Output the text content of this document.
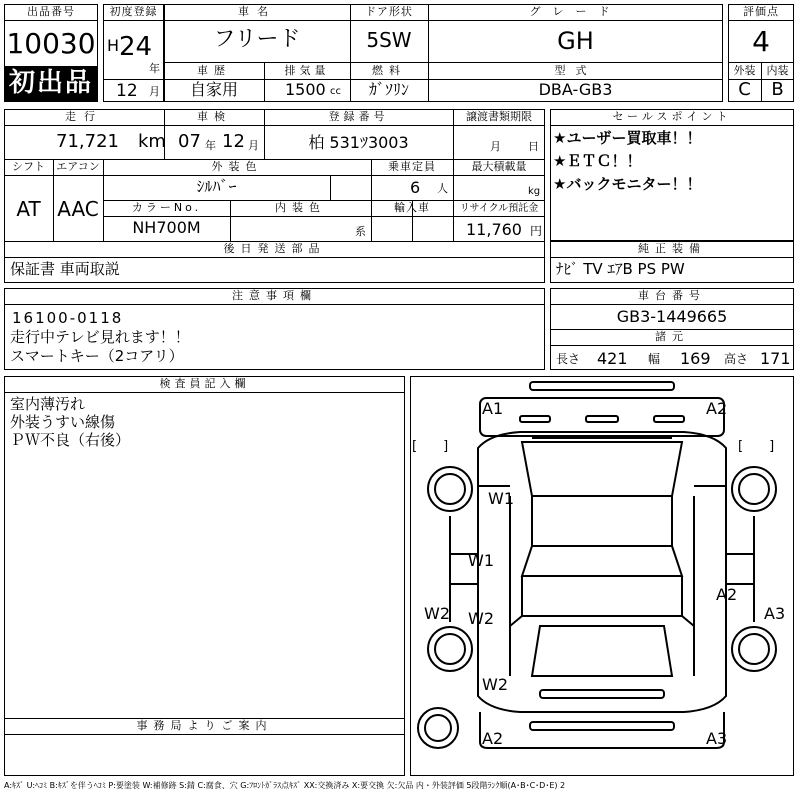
出品番号
10030
初出品
初度登録
H 24
年
12 月
車名
フリード
ドア形状
5SW
グレード
GH
車歴
自家用
排気量
1500 cc
燃料
ｶﾞｿﾘﾝ
型式
DBA-GB3
評価点
4
外装	内装
C	B
走行
71,721 km
車検
07 年 12 月
登録番号
柏 531ﾂ3003
譲渡書類期限
月 日
シフト
AT
エアコン
AAC
外装色
ｼﾙﾊﾞｰ
乗車定員
6 人
最大積載量
kg
カラーNo.
NH700M
内装色
系
輸入車	リサイクル預託金
11,760 円
後日発送部品
保証書 車両取説
セールスポイント
★ユーザー買取車！！
★ＥＴＣ！！
★バックモニター！！
純正装備
ﾅﾋﾞ TV ｴｱB PS PW
注意事項欄
16100-0118
走行中テレビ見れます！！
スマートキー（2コアリ）
車台番号
GB3-1449665
諸元
長さ 421 幅 169 高さ 171
検査員記入欄
室内薄汚れ
外装うすい線傷
ＰＷ不良（右後）
事務局よりご案内
A1	A2
W1
W1
W2
W2
W2
A2
A3
A2	A3
[　　]	[　　]
A:ｷｽﾞ U:ﾍｺﾐ B:ｷｽﾞを伴うﾍｺﾐ P:要塗装 W:補修跡 S:錆 C:腐食、穴 G:ﾌﾛﾝﾄｶﾞﾗｽ点ｷｽﾞ XX:交換済み X:要交換 欠:欠品 内・外装評価 5段階ﾗﾝｸ順(A･B･C･D･E) 2
